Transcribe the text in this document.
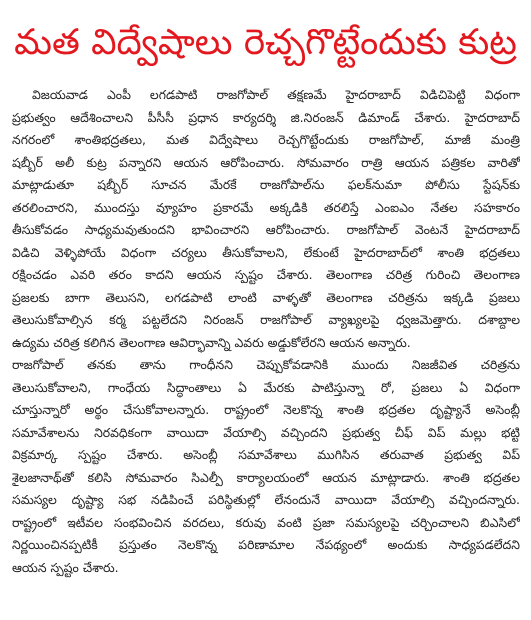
మత విద్వేషాలు రెచ్చగొట్టేందుకు కుట్ర
విజయవాడ ఎంపీ లగడపాటి రాజగోపాల్ తక్షణమే హైదరాబాద్ విడిచిపెట్టి విధంగా
ప్రభుత్వం ఆదేశించాలని పీసీసీ ప్రధాన కార్యదర్శి జి.నిరంజన్ డిమాండ్ చేశారు. హైదరాబాద్
నగరంలో శాంతిభద్రతలు, మత విద్వేషాలు రెచ్చగొట్టేందుకు రాజగోపాల్, మాజీ మంత్రి
షబ్బీర్ అలీ కుట్ర పన్నారని ఆయన ఆరోపించారు. సోమవారం రాత్రి ఆయన పత్రికల వారితో
మాట్లాడుతూ షబ్బీర్ సూచన మేరకే రాజగోపాల్‌ను ఫలక్‌నుమా పోలీసు స్టేషన్‌కు
తరలించారని, ముందస్తు వ్యూహం ప్రకారమే అక్కడికి తరలిస్తే ఎంఐఎం నేతల సహకారం
తీసుకోవడం సాధ్యమవుతుందని భావించారని ఆరోపించారు. రాజగోపాల్ వెంటనే హైదరాబాద్
విడిచి వెళ్ళిపోయే విధంగా చర్యలు తీసుకోవాలని, లేకుంటే హైదరాబాద్‌లో శాంతి భద్రతలు
రక్షించడం ఎవరి తరం కాదని ఆయన స్పష్టం చేశారు. తెలంగాణ చరిత్ర గురించి తెలంగాణ
ప్రజలకు బాగా తెలుసని, లగడపాటి లాంటి వాళ్ళతో తెలంగాణ చరిత్రను ఇక్కడి ప్రజలు
తెలుసుకోవాల్సిన కర్మ పట్టలేదని నిరంజన్ రాజగోపాల్ వ్యాఖ్యలపై ధ్వజమెత్తారు. దశాబ్దాల
ఉద్యమ చరిత్ర కలిగిన తెలంగాణ ఆవిర్భావాన్ని ఎవరు అడ్డుకోలేరని ఆయన అన్నారు.
రాజగోపాల్ తనకు తాను గాంధీనని చెప్పుకోవడానికి ముందు నిజజీవిత చరిత్రను
తెలుసుకోవాలని, గాంధేయ సిద్ధాంతాలు ఏ మేరకు పాటిస్తున్నా రో, ప్రజలు ఏ విధంగా
చూస్తున్నారో అర్థం చేసుకోవాలన్నారు. రాష్ట్రంలో నెలకొన్న శాంతి భద్రతల దృష్ట్యానే అసెంబ్లీ
సమావేశాలను నిరవధికంగా వాయిదా వేయాల్సి వచ్చిందని ప్రభుత్వ చీఫ్ విప్ మల్లు భట్టి
విక్రమార్క స్పష్టం చేశారు. అసెంబ్లీ సమావేశాలు ముగిసిన తరువాత ప్రభుత్వ విప్
శైలజానాథ్‌తో కలిసి సోమవారం సిఎల్పీ కార్యాలయంలో ఆయన మాట్లాడారు. శాంతి భద్రతల
సమస్యల దృష్ట్యా సభ నడిపించే పరిస్థితుల్లో లేనందునే వాయిదా వేయాల్సి వచ్చిందన్నారు.
రాష్ట్రంలో ఇటీవల సంభవించిన వరదలు, కరువు వంటి ప్రజా సమస్యలపై చర్చించాలని బిఎసిలో
నిర్ణయించినప్పటికీ ప్రస్తుతం నెలకొన్న పరిణామాల నేపథ్యంలో అందుకు సాధ్యపడలేదని
ఆయన స్పష్టం చేశారు.
